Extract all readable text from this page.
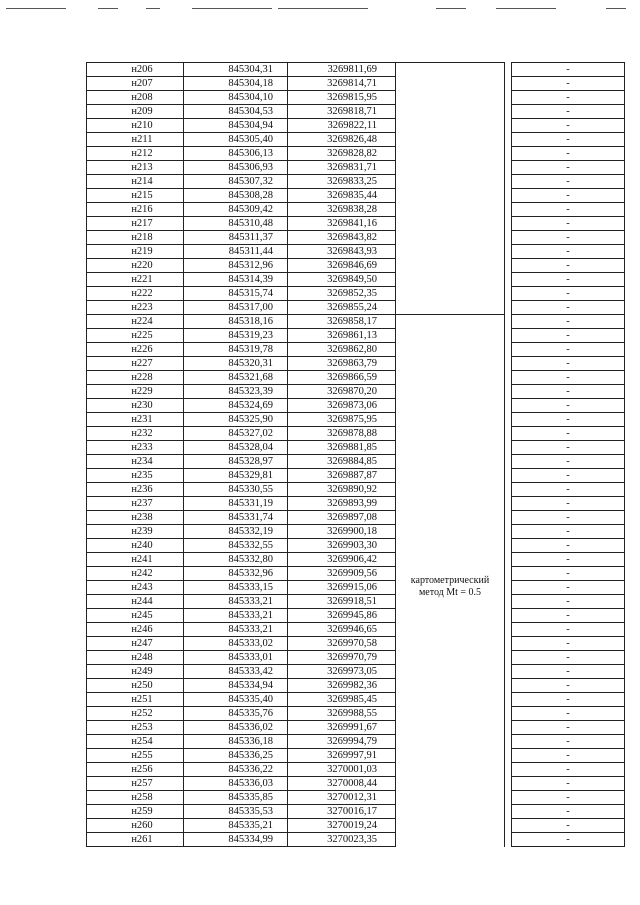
н206	845304,31	3269811,69			-
н207	845304,18	3269814,71			-
н208	845304,10	3269815,95			-
н209	845304,53	3269818,71			-
н210	845304,94	3269822,11			-
н211	845305,40	3269826,48			-
н212	845306,13	3269828,82			-
н213	845306,93	3269831,71			-
н214	845307,32	3269833,25			-
н215	845308,28	3269835,44			-
н216	845309,42	3269838,28			-
н217	845310,48	3269841,16			-
н218	845311,37	3269843,82			-
н219	845311,44	3269843,93			-
н220	845312,96	3269846,69			-
н221	845314,39	3269849,50			-
н222	845315,74	3269852,35			-
н223	845317,00	3269855,24			-
н224	845318,16	3269858,17	картометрический
метод Mt = 0.5		-
н225	845319,23	3269861,13			-
н226	845319,78	3269862,80			-
н227	845320,31	3269863,79			-
н228	845321,68	3269866,59			-
н229	845323,39	3269870,20			-
н230	845324,69	3269873,06			-
н231	845325,90	3269875,95			-
н232	845327,02	3269878,88			-
н233	845328,04	3269881,85			-
н234	845328,97	3269884,85			-
н235	845329,81	3269887,87			-
н236	845330,55	3269890,92			-
н237	845331,19	3269893,99			-
н238	845331,74	3269897,08			-
н239	845332,19	3269900,18			-
н240	845332,55	3269903,30			-
н241	845332,80	3269906,42			-
н242	845332,96	3269909,56			-
н243	845333,15	3269915,06			-
н244	845333,21	3269918,51			-
н245	845333,21	3269945,86			-
н246	845333,21	3269946,65			-
н247	845333,02	3269970,58			-
н248	845333,01	3269970,79			-
н249	845333,42	3269973,05			-
н250	845334,94	3269982,36			-
н251	845335,40	3269985,45			-
н252	845335,76	3269988,55			-
н253	845336,02	3269991,67			-
н254	845336,18	3269994,79			-
н255	845336,25	3269997,91			-
н256	845336,22	3270001,03			-
н257	845336,03	3270008,44			-
н258	845335,85	3270012,31			-
н259	845335,53	3270016,17			-
н260	845335,21	3270019,24			-
н261	845334,99	3270023,35			-
